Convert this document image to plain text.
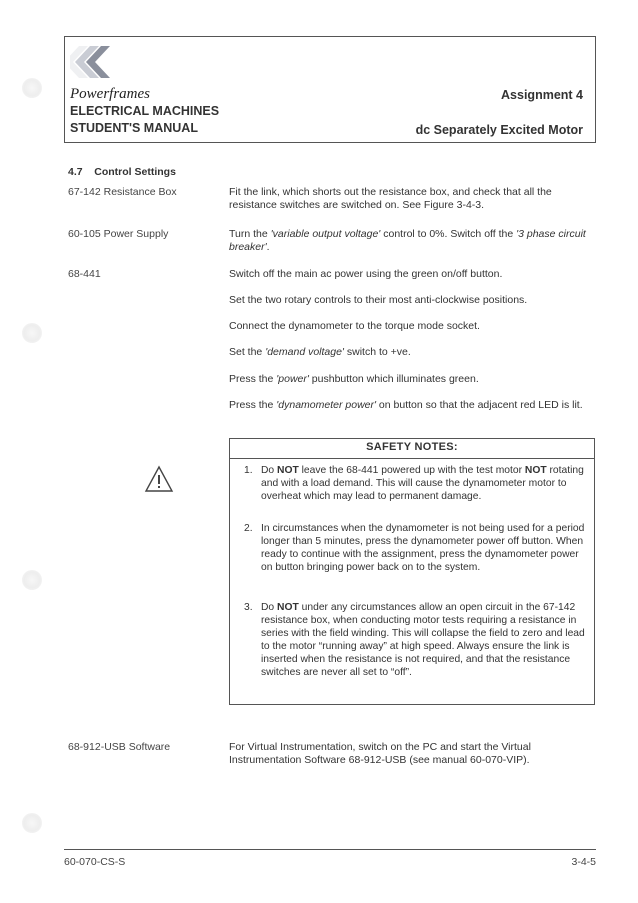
Powerframes
ELECTRICAL MACHINES
STUDENT'S MANUAL
Assignment 4
dc Separately Excited Motor
4.7    Control Settings
67-142 Resistance Box	Fit the link, which shorts out the resistance box, and check that all the resistance switches are switched on. See Figure 3-4-3.
60-105 Power Supply	Turn the 'variable output voltage' control to 0%. Switch off the '3 phase circuit breaker'.
68-441	Switch off the main ac power using the green on/off button.
Set the two rotary controls to their most anti-clockwise positions.
Connect the dynamometer to the torque mode socket.
Set the 'demand voltage' switch to +ve.
Press the 'power' pushbutton which illuminates green.
Press the 'dynamometer power' on button so that the adjacent red LED is lit.
SAFETY NOTES:
1. Do NOT leave the 68-441 powered up with the test motor NOT rotating and with a load demand. This will cause the dynamometer motor to overheat which may lead to permanent damage.
2. In circumstances when the dynamometer is not being used for a period longer than 5 minutes, press the dynamometer power off button. When ready to continue with the assignment, press the dynamometer power on button bringing power back on to the system.
3. Do NOT under any circumstances allow an open circuit in the 67-142 resistance box, when conducting motor tests requiring a resistance in series with the field winding. This will collapse the field to zero and lead to the motor “running away” at high speed. Always ensure the link is inserted when the resistance is not required, and that the resistance switches are never all set to “off”.
68-912-USB Software	For Virtual Instrumentation, switch on the PC and start the Virtual Instrumentation Software 68-912-USB (see manual 60-070-VIP).
60-070-CS-S	3-4-5
